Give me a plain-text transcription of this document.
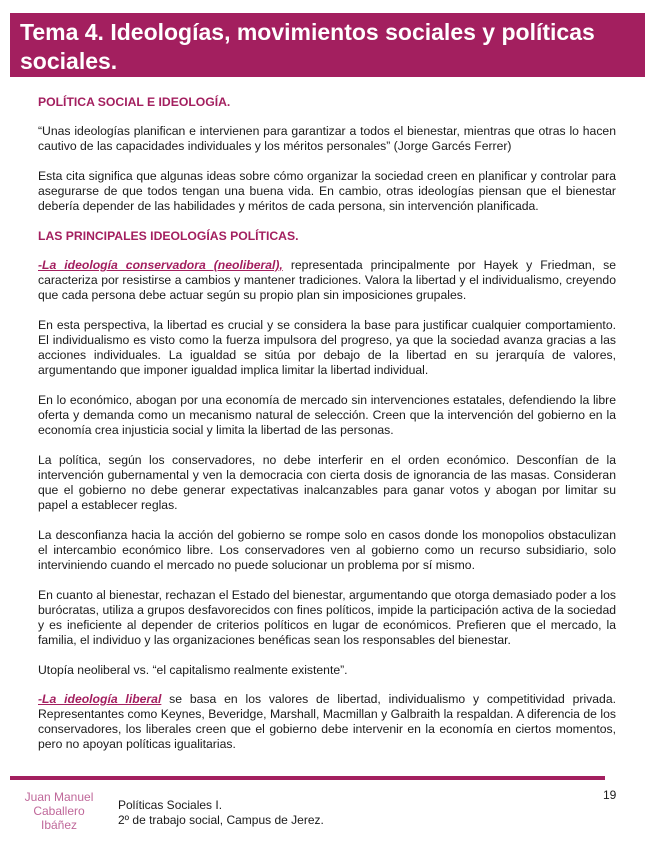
Tema 4. Ideologías, movimientos sociales y políticas sociales.

POLÍTICA SOCIAL E IDEOLOGÍA.

“Unas ideologías planifican e intervienen para garantizar a todos el bienestar, mientras que otras lo hacen cautivo de las capacidades individuales y los méritos personales” (Jorge Garcés Ferrer)

Esta cita significa que algunas ideas sobre cómo organizar la sociedad creen en planificar y controlar para asegurarse de que todos tengan una buena vida. En cambio, otras ideologías piensan que el bienestar debería depender de las habilidades y méritos de cada persona, sin intervención planificada.

LAS PRINCIPALES IDEOLOGÍAS POLÍTICAS.

-La ideología conservadora (neoliberal), representada principalmente por Hayek y Friedman, se caracteriza por resistirse a cambios y mantener tradiciones. Valora la libertad y el individualismo, creyendo que cada persona debe actuar según su propio plan sin imposiciones grupales.

En esta perspectiva, la libertad es crucial y se considera la base para justificar cualquier comportamiento. El individualismo es visto como la fuerza impulsora del progreso, ya que la sociedad avanza gracias a las acciones individuales. La igualdad se sitúa por debajo de la libertad en su jerarquía de valores, argumentando que imponer igualdad implica limitar la libertad individual.

En lo económico, abogan por una economía de mercado sin intervenciones estatales, defendiendo la libre oferta y demanda como un mecanismo natural de selección. Creen que la intervención del gobierno en la economía crea injusticia social y limita la libertad de las personas.

La política, según los conservadores, no debe interferir en el orden económico. Desconfían de la intervención gubernamental y ven la democracia con cierta dosis de ignorancia de las masas. Consideran que el gobierno no debe generar expectativas inalcanzables para ganar votos y abogan por limitar su papel a establecer reglas.

La desconfianza hacia la acción del gobierno se rompe solo en casos donde los monopolios obstaculizan el intercambio económico libre. Los conservadores ven al gobierno como un recurso subsidiario, solo interviniendo cuando el mercado no puede solucionar un problema por sí mismo.

En cuanto al bienestar, rechazan el Estado del bienestar, argumentando que otorga demasiado poder a los burócratas, utiliza a grupos desfavorecidos con fines políticos, impide la participación activa de la sociedad y es ineficiente al depender de criterios políticos en lugar de económicos. Prefieren que el mercado, la familia, el individuo y las organizaciones benéficas sean los responsables del bienestar.

Utopía neoliberal vs. “el capitalismo realmente existente”.

-La ideología liberal se basa en los valores de libertad, individualismo y competitividad privada. Representantes como Keynes, Beveridge, Marshall, Macmillan y Galbraith la respaldan. A diferencia de los conservadores, los liberales creen que el gobierno debe intervenir en la economía en ciertos momentos, pero no apoyan políticas igualitarias.

19
Juan Manuel
Caballero
Ibáñez
Políticas Sociales I.
2º de trabajo social, Campus de Jerez.
